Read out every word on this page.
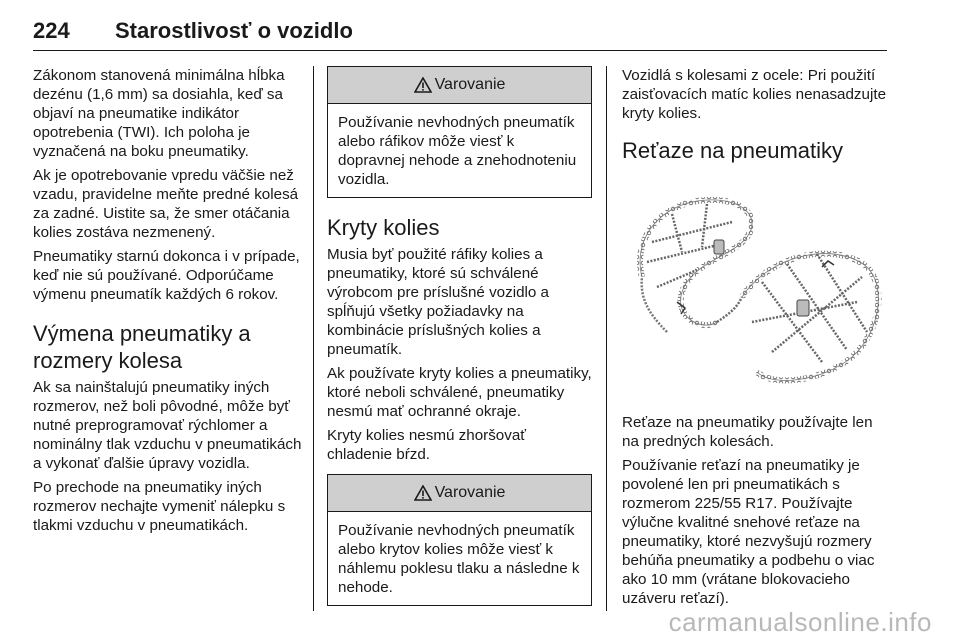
224 Starostlivosť o vozidlo

Zákonom stanovená minimálna hĺbka dezénu (1,6 mm) sa dosiahla, keď sa objaví na pneumatike indikátor opotrebenia (TWI). Ich poloha je vyznačená na boku pneumatiky.

Ak je opotrebovanie vpredu väčšie než vzadu, pravidelne meňte predné kolesá za zadné. Uistite sa, že smer otáčania kolies zostáva nezmenený.

Pneumatiky starnú dokonca i v prípade, keď nie sú používané. Odporúčame výmenu pneumatík každých 6 rokov.

Výmena pneumatiky a rozmery kolesa

Ak sa nainštalujú pneumatiky iných rozmerov, než boli pôvodné, môže byť nutné preprogramovať rýchlomer a nominálny tlak vzduchu v pneumatikách a vykonať ďalšie úpravy vozidla.

Po prechode na pneumatiky iných rozmerov nechajte vymeniť nálepku s tlakmi vzduchu v pneumatikách.

Varovanie
Používanie nevhodných pneumatík alebo ráfikov môže viesť k dopravnej nehode a znehodnoteniu vozidla.
Kryty kolies

Musia byť použité ráfiky kolies a pneumatiky, ktoré sú schválené výrobcom pre príslušné vozidlo a spĺňujú všetky požiadavky na kombinácie príslušných kolies a pneumatík.

Ak používate kryty kolies a pneumatiky, ktoré neboli schválené, pneumatiky nesmú mať ochranné okraje.

Kryty kolies nesmú zhoršovať chladenie bŕzd.

Varovanie
Používanie nevhodných pneumatík alebo krytov kolies môže viesť k náhlemu poklesu tlaku a následne k nehode.

Vozidlá s kolesami z ocele: Pri použití zaisťovacích matíc kolies nenasadzujte kryty kolies.

Reťaze na pneumatiky

Reťaze na pneumatiky používajte len na predných kolesách.

Používanie reťazí na pneumatiky je povolené len pri pneumatikách s rozmerom 225/55 R17. Používajte výlučne kvalitné snehové reťaze na pneumatiky, ktoré nezvyšujú rozmery behúňa pneumatiky a podbehu o viac ako 10 mm (vrátane blokovacieho uzáveru reťazí).

carmanualsonline.info
